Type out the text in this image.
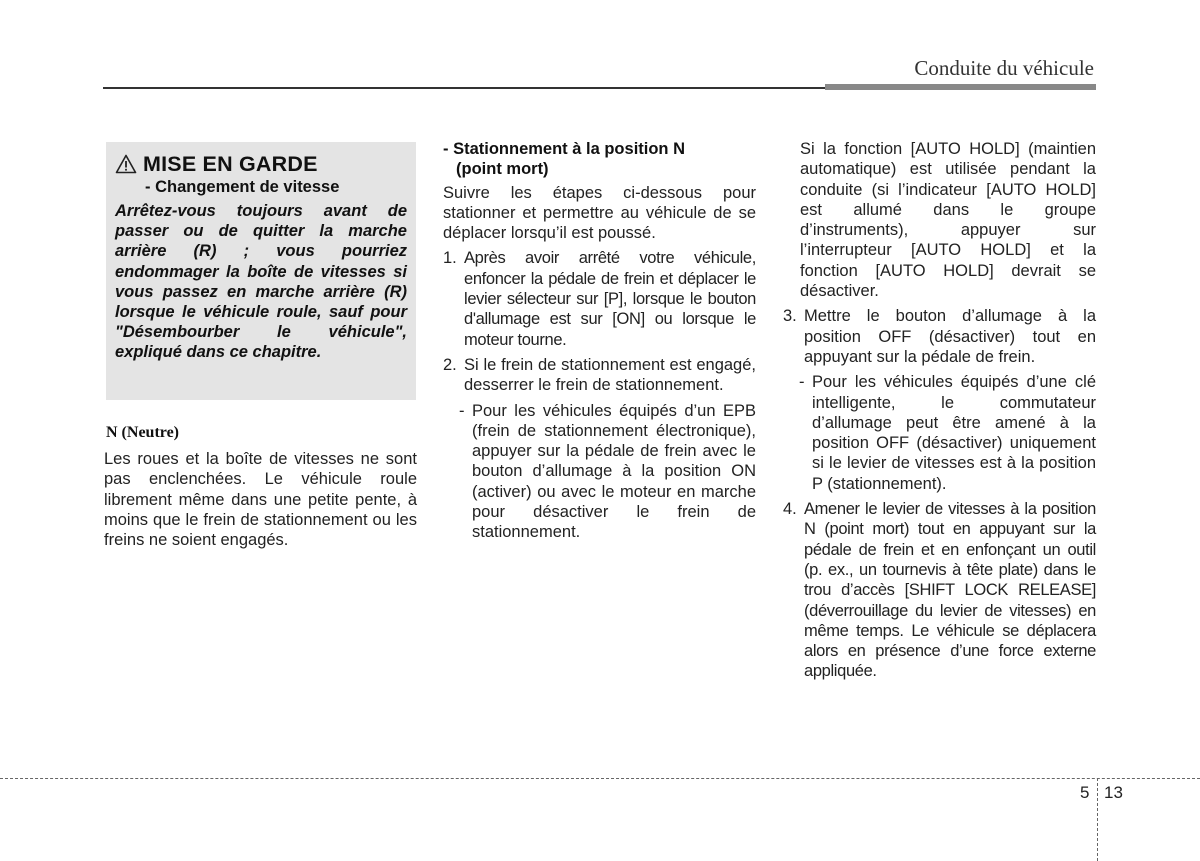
Conduite du véhicule
MISE EN GARDE
- Changement de vitesse
Arrêtez-vous toujours avant de passer ou de quitter la marche arrière (R) ; vous pourriez endommager la boîte de vitesses si vous passez en marche arrière (R) lorsque le véhicule roule, sauf pour "Désembourber le véhicule", expliqué dans ce chapitre.
N (Neutre)
Les roues et la boîte de vitesses ne sont pas enclenchées. Le véhicule roule librement même dans une petite pente, à moins que le frein de stationnement ou les freins ne soient engagés.
- Stationnement à la position N
(point mort)
Suivre les étapes ci-dessous pour stationner et permettre au véhicule de se déplacer lorsqu’il est poussé.
1. Après avoir arrêté votre véhicule, enfoncer la pédale de frein et déplacer le levier sélecteur sur [P], lorsque le bouton d'allumage est sur [ON] ou lorsque le moteur tourne.
2. Si le frein de stationnement est engagé, desserrer le frein de stationnement.
- Pour les véhicules équipés d’un EPB (frein de stationnement électronique), appuyer sur la pédale de frein avec le bouton d’allumage à la position ON (activer) ou avec le moteur en marche pour désactiver le frein de stationnement.
Si la fonction [AUTO HOLD] (maintien automatique) est utilisée pendant la conduite (si l’indicateur [AUTO HOLD] est allumé dans le groupe d’instruments), appuyer sur l’interrupteur [AUTO HOLD] et la fonction [AUTO HOLD] devrait se désactiver.
3. Mettre le bouton d’allumage à la position OFF (désactiver) tout en appuyant sur la pédale de frein.
- Pour les véhicules équipés d’une clé intelligente, le commutateur d’allumage peut être amené à la position OFF (désactiver) uniquement si le levier de vitesses est à la position P (stationnement).
4. Amener le levier de vitesses à la position N (point mort) tout en appuyant sur la pédale de frein et en enfonçant un outil (p. ex., un tournevis à tête plate) dans le trou d’accès [SHIFT LOCK RELEASE] (déverrouillage du levier de vitesses) en même temps. Le véhicule se déplacera alors en présence d’une force externe appliquée.
5 13
